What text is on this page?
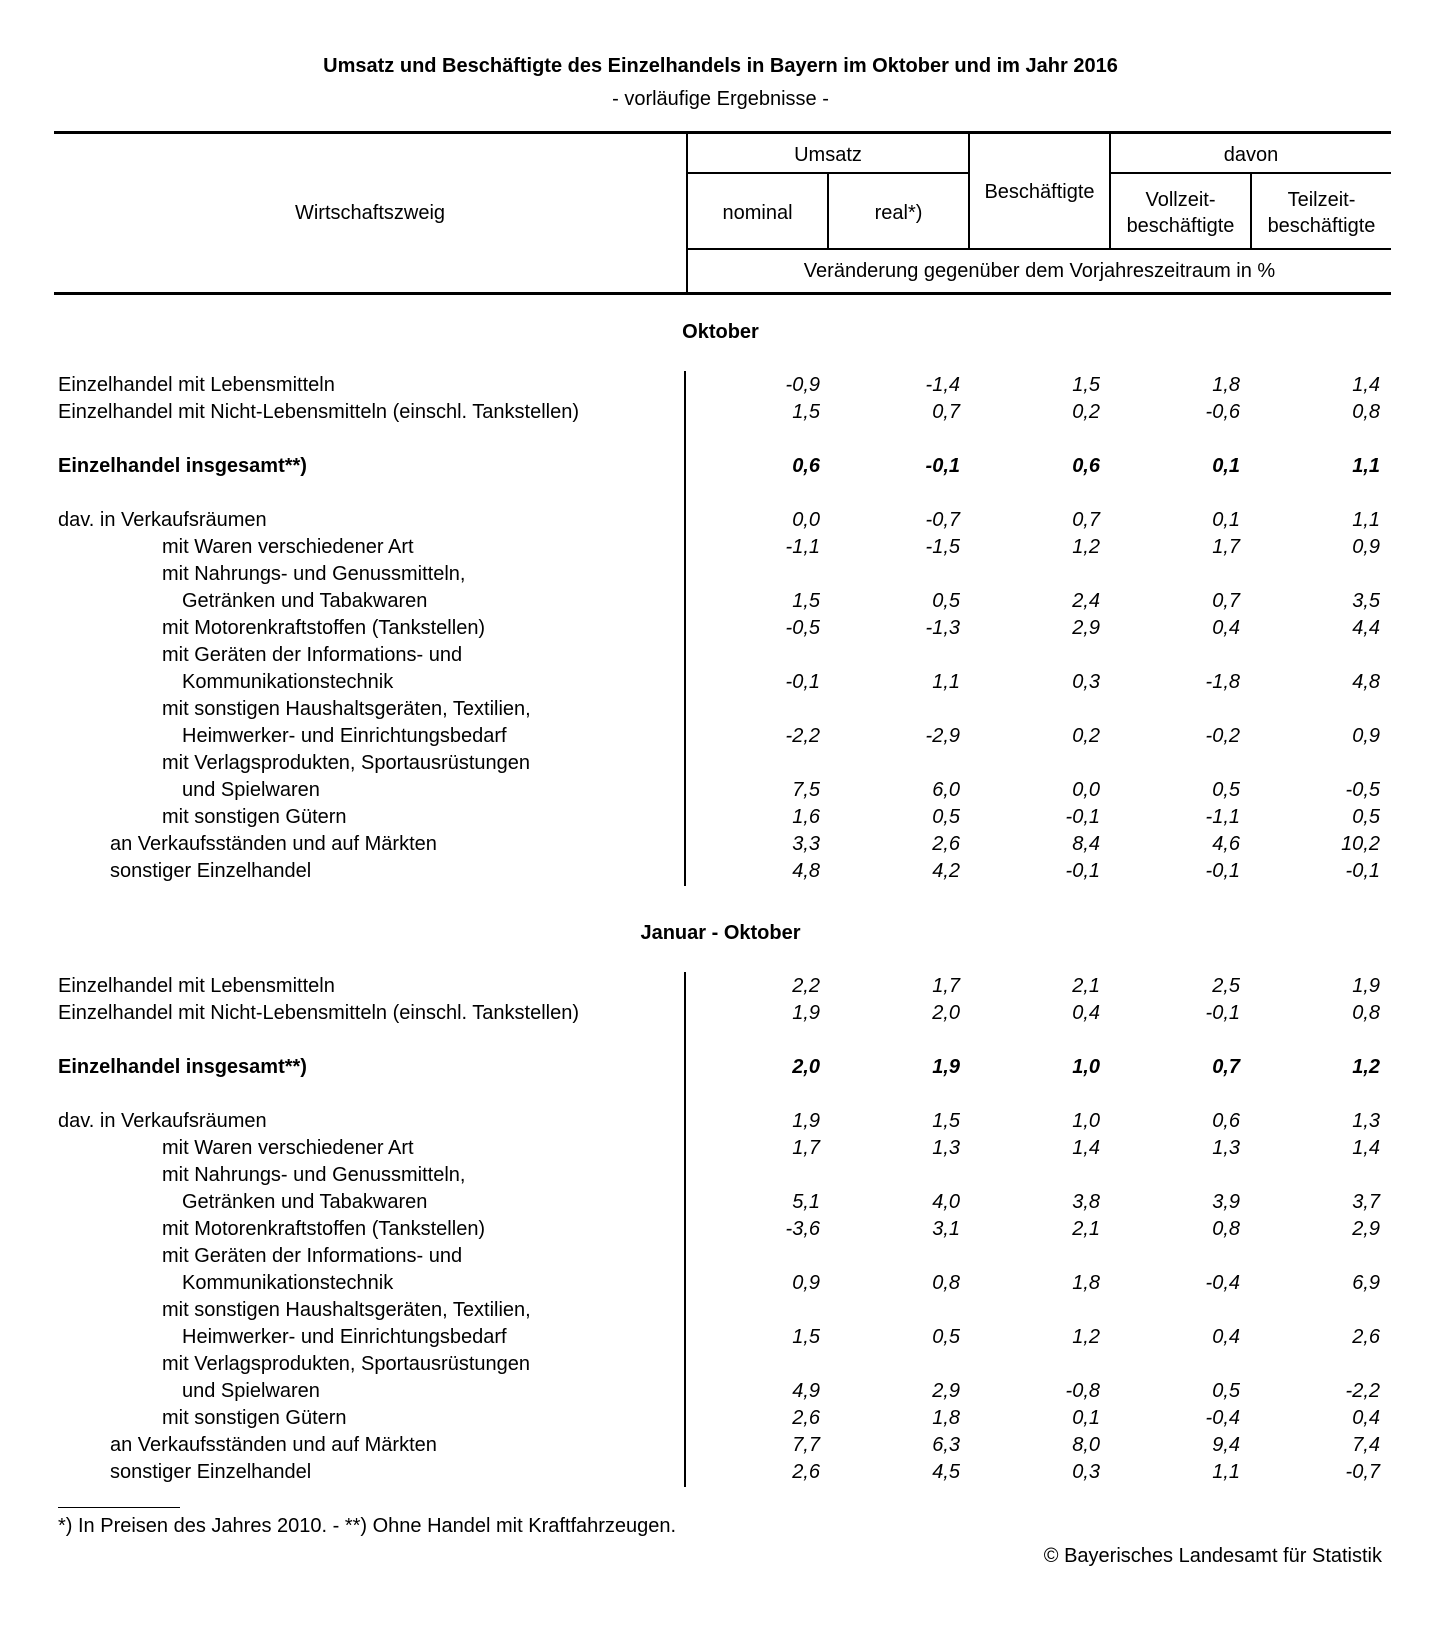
Umsatz und Beschäftigte des Einzelhandels in Bayern im Oktober und im Jahr 2016
- vorläufige Ergebnisse -
Wirtschaftszweig
Umsatz
nominal	real*)
Beschäftigte
davon
Vollzeit-
beschäftigte
Teilzeit-
beschäftigte
Veränderung gegenüber dem Vorjahreszeitraum in %
Oktober
Einzelhandel mit Lebensmitteln	-0,9	-1,4	1,5	1,8	1,4
Einzelhandel mit Nicht-Lebensmitteln (einschl. Tankstellen)	1,5	0,7	0,2	-0,6	0,8
Einzelhandel insgesamt**)	0,6	-0,1	0,6	0,1	1,1
dav. in Verkaufsräumen	0,0	-0,7	0,7	0,1	1,1
mit Waren verschiedener Art	-1,1	-1,5	1,2	1,7	0,9
mit Nahrungs- und Genussmitteln,
Getränken und Tabakwaren	1,5	0,5	2,4	0,7	3,5
mit Motorenkraftstoffen (Tankstellen)	-0,5	-1,3	2,9	0,4	4,4
mit Geräten der Informations- und
Kommunikationstechnik	-0,1	1,1	0,3	-1,8	4,8
mit sonstigen Haushaltsgeräten, Textilien,
Heimwerker- und Einrichtungsbedarf	-2,2	-2,9	0,2	-0,2	0,9
mit Verlagsprodukten, Sportausrüstungen
und Spielwaren	7,5	6,0	0,0	0,5	-0,5
mit sonstigen Gütern	1,6	0,5	-0,1	-1,1	0,5
an Verkaufsständen und auf Märkten	3,3	2,6	8,4	4,6	10,2
sonstiger Einzelhandel	4,8	4,2	-0,1	-0,1	-0,1
Januar - Oktober
Einzelhandel mit Lebensmitteln	2,2	1,7	2,1	2,5	1,9
Einzelhandel mit Nicht-Lebensmitteln (einschl. Tankstellen)	1,9	2,0	0,4	-0,1	0,8
Einzelhandel insgesamt**)	2,0	1,9	1,0	0,7	1,2
dav. in Verkaufsräumen	1,9	1,5	1,0	0,6	1,3
mit Waren verschiedener Art	1,7	1,3	1,4	1,3	1,4
mit Nahrungs- und Genussmitteln,
Getränken und Tabakwaren	5,1	4,0	3,8	3,9	3,7
mit Motorenkraftstoffen (Tankstellen)	-3,6	3,1	2,1	0,8	2,9
mit Geräten der Informations- und
Kommunikationstechnik	0,9	0,8	1,8	-0,4	6,9
mit sonstigen Haushaltsgeräten, Textilien,
Heimwerker- und Einrichtungsbedarf	1,5	0,5	1,2	0,4	2,6
mit Verlagsprodukten, Sportausrüstungen
und Spielwaren	4,9	2,9	-0,8	0,5	-2,2
mit sonstigen Gütern	2,6	1,8	0,1	-0,4	0,4
an Verkaufsständen und auf Märkten	7,7	6,3	8,0	9,4	7,4
sonstiger Einzelhandel	2,6	4,5	0,3	1,1	-0,7
*) In Preisen des Jahres 2010. - **) Ohne Handel mit Kraftfahrzeugen.
© Bayerisches Landesamt für Statistik
